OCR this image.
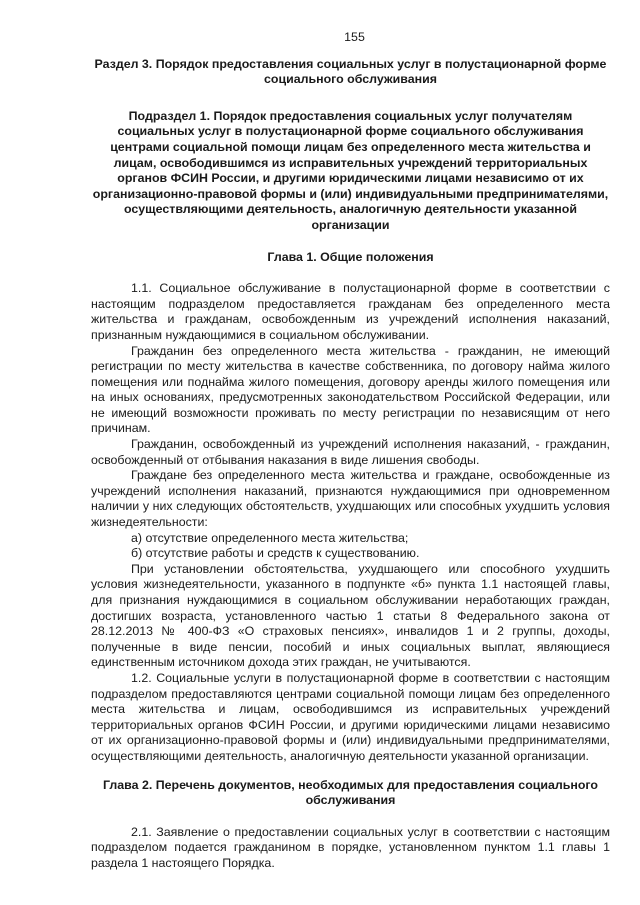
155
Раздел 3. Порядок предоставления социальных услуг в полустационарной форме социального обслуживания
Подраздел 1. Порядок предоставления социальных услуг получателям социальных услуг в полустационарной форме социального обслуживания центрами социальной помощи лицам без определенного места жительства и лицам, освободившимся из исправительных учреждений территориальных органов ФСИН России, и другими юридическими лицами независимо от их организационно-правовой формы и (или) индивидуальными предпринимателями, осуществляющими деятельность, аналогичную деятельности указанной организации
Глава 1. Общие положения

1.1. Социальное обслуживание в полустационарной форме в соответствии с настоящим подразделом предоставляется гражданам без определенного места жительства и гражданам, освобожденным из учреждений исполнения наказаний, признанным нуждающимися в социальном обслуживании.

Гражданин без определенного места жительства - гражданин, не имеющий регистрации по месту жительства в качестве собственника, по договору найма жилого помещения или поднайма жилого помещения, договору аренды жилого помещения или на иных основаниях, предусмотренных законодательством Российской Федерации, или не имеющий возможности проживать по месту регистрации по независящим от него причинам.

Гражданин, освобожденный из учреждений исполнения наказаний, - гражданин, освобожденный от отбывания наказания в виде лишения свободы.

Граждане без определенного места жительства и граждане, освобожденные из учреждений исполнения наказаний, признаются нуждающимися при одновременном наличии у них следующих обстоятельств, ухудшающих или способных ухудшить условия жизнедеятельности:

а) отсутствие определенного места жительства;

б) отсутствие работы и средств к существованию.

При установлении обстоятельства, ухудшающего или способного ухудшить условия жизнедеятельности, указанного в подпункте «б» пункта 1.1 настоящей главы, для признания нуждающимися в социальном обслуживании неработающих граждан, достигших возраста, установленного частью 1 статьи 8 Федерального закона от 28.12.2013 № 400-ФЗ «О страховых пенсиях», инвалидов 1 и 2 группы, доходы, полученные в виде пенсии, пособий и иных социальных выплат, являющиеся единственным источником дохода этих граждан, не учитываются.

1.2. Социальные услуги в полустационарной форме в соответствии с настоящим подразделом предоставляются центрами социальной помощи лицам без определенного места жительства и лицам, освободившимся из исправительных учреждений территориальных органов ФСИН России, и другими юридическими лицами независимо от их организационно-правовой формы и (или) индивидуальными предпринимателями, осуществляющими деятельность, аналогичную деятельности указанной организации.

Глава 2. Перечень документов, необходимых для предоставления социального обслуживания

2.1. Заявление о предоставлении социальных услуг в соответствии с настоящим подразделом подается гражданином в порядке, установленном пунктом 1.1 главы 1 раздела 1 настоящего Порядка.
